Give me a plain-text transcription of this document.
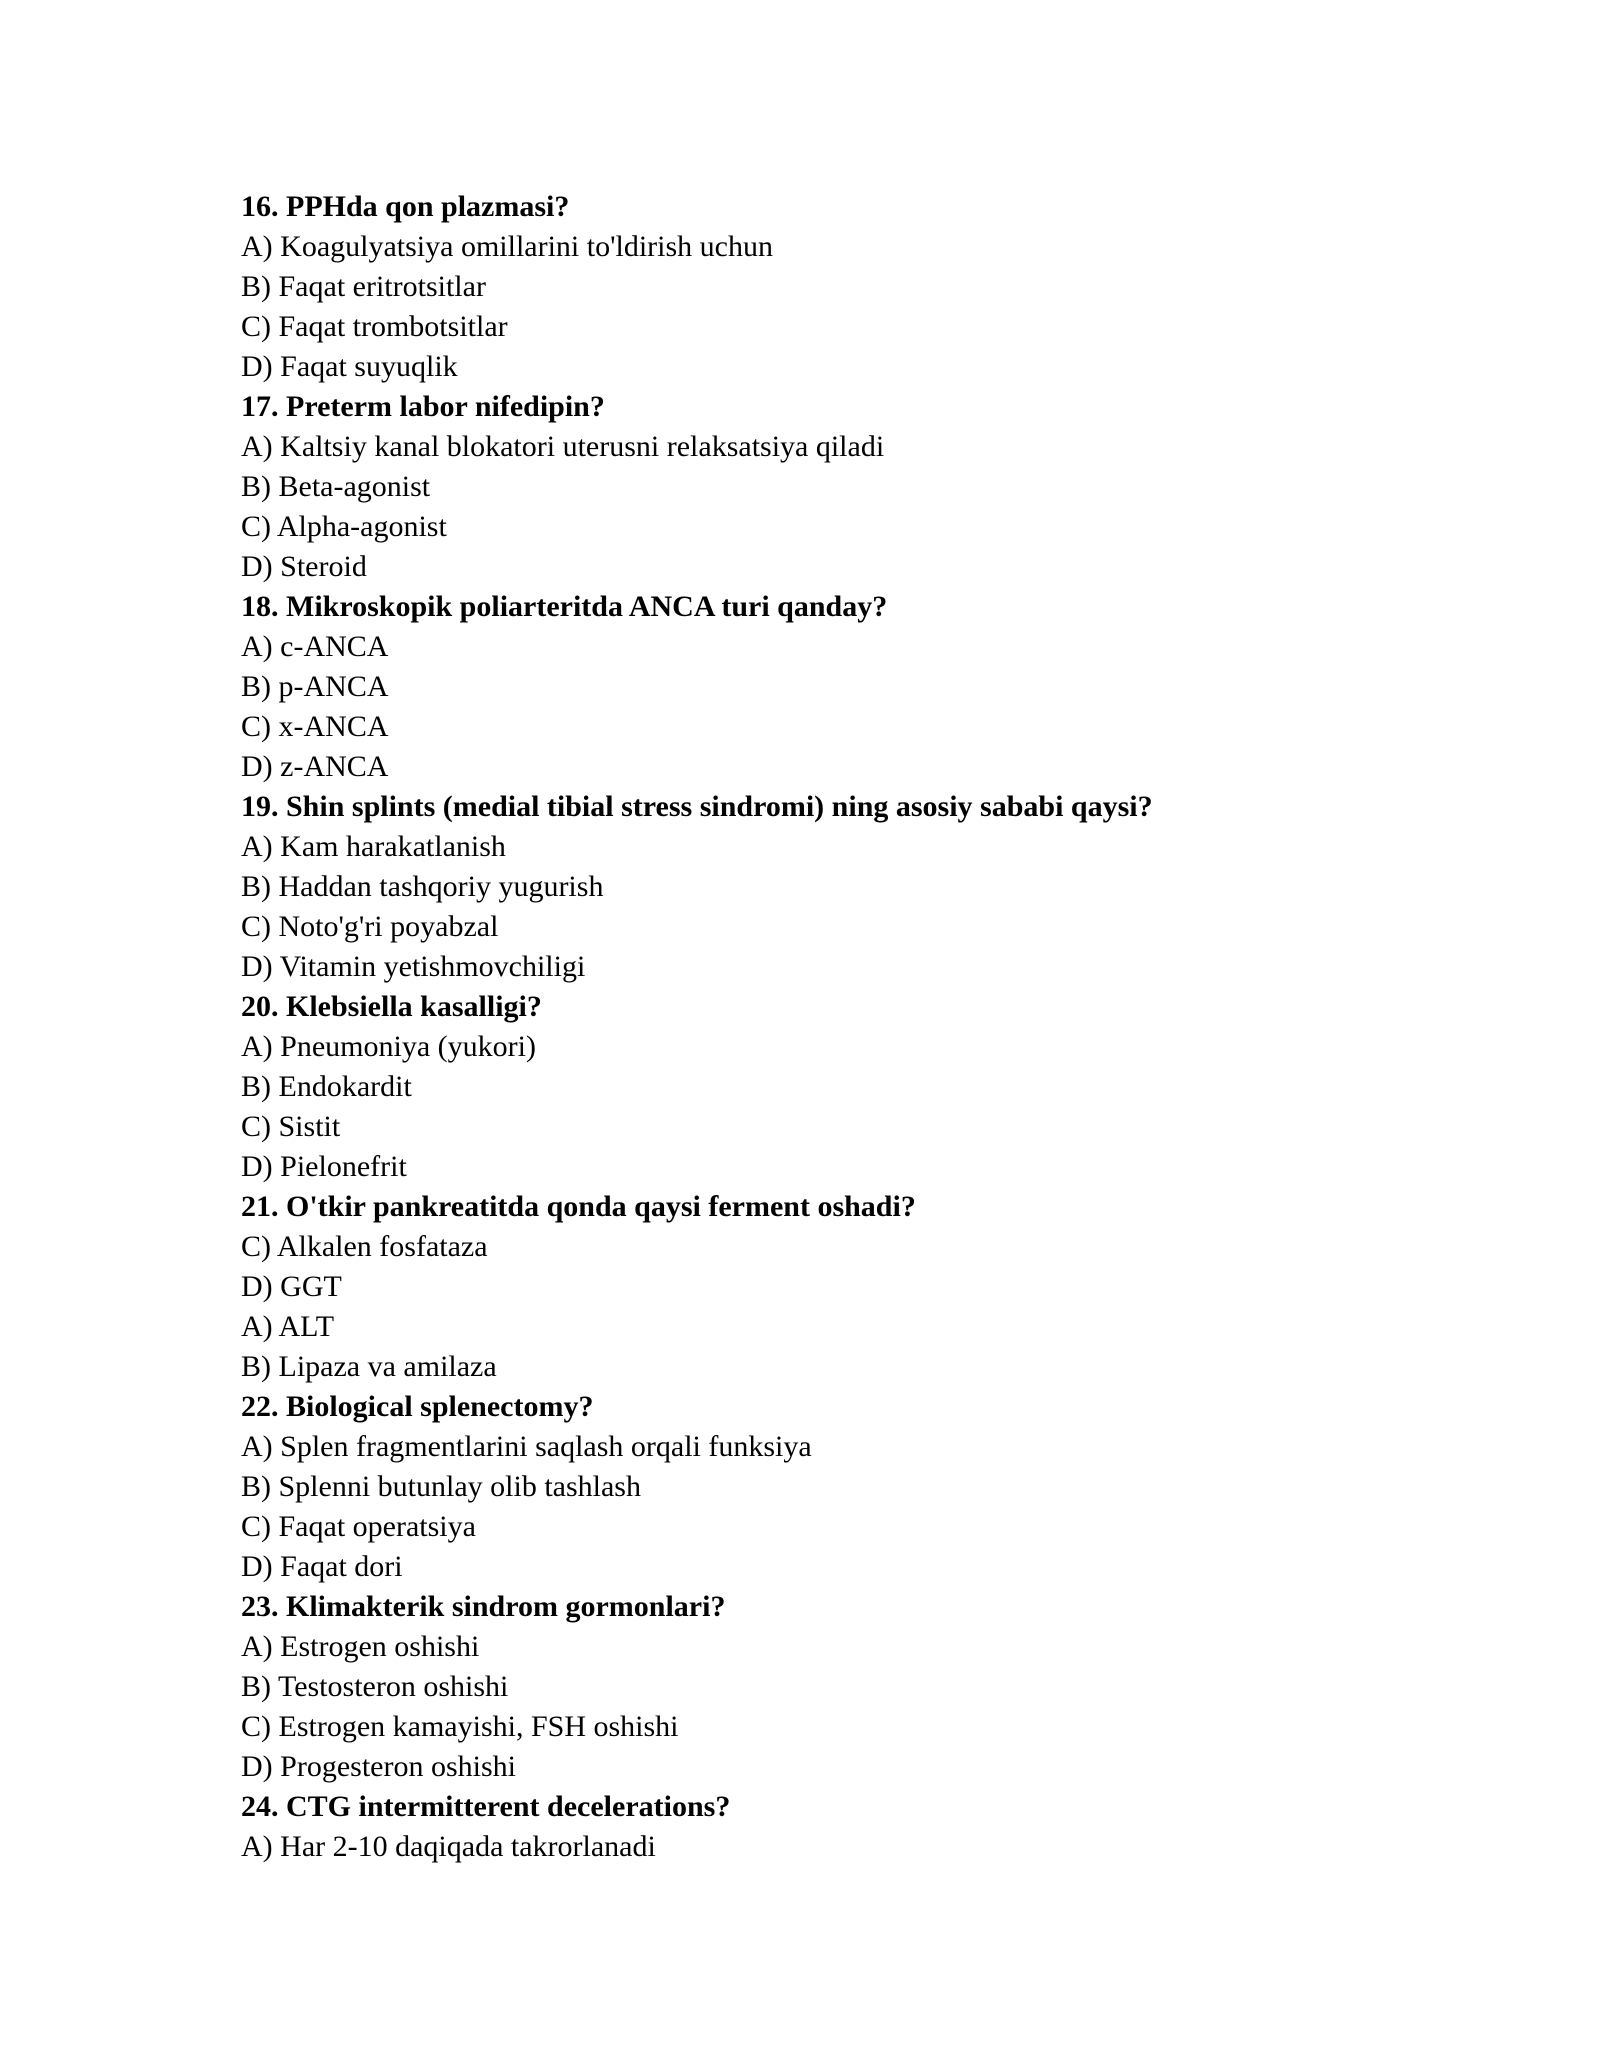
16. PPHda qon plazmasi?
A) Koagulyatsiya omillarini to'ldirish uchun
B) Faqat eritrotsitlar
C) Faqat trombotsitlar
D) Faqat suyuqlik
17. Preterm labor nifedipin?
A) Kaltsiy kanal blokatori uterusni relaksatsiya qiladi
B) Beta-agonist
C) Alpha-agonist
D) Steroid
18. Mikroskopik poliarteritda ANCA turi qanday?
A) c-ANCA
B) p-ANCA
C) x-ANCA
D) z-ANCA
19. Shin splints (medial tibial stress sindromi) ning asosiy sababi qaysi?
A) Kam harakatlanish
B) Haddan tashqoriy yugurish
C) Noto'g'ri poyabzal
D) Vitamin yetishmovchiligi
20. Klebsiella kasalligi?
A) Pneumoniya (yukori)
B) Endokardit
C) Sistit
D) Pielonefrit
21. O'tkir pankreatitda qonda qaysi ferment oshadi?
C) Alkalen fosfataza
D) GGT
A) ALT
B) Lipaza va amilaza
22. Biological splenectomy?
A) Splen fragmentlarini saqlash orqali funksiya
B) Splenni butunlay olib tashlash
C) Faqat operatsiya
D) Faqat dori
23. Klimakterik sindrom gormonlari?
A) Estrogen oshishi
B) Testosteron oshishi
C) Estrogen kamayishi, FSH oshishi
D) Progesteron oshishi
24. CTG intermitterent decelerations?
A) Har 2-10 daqiqada takrorlanadi
